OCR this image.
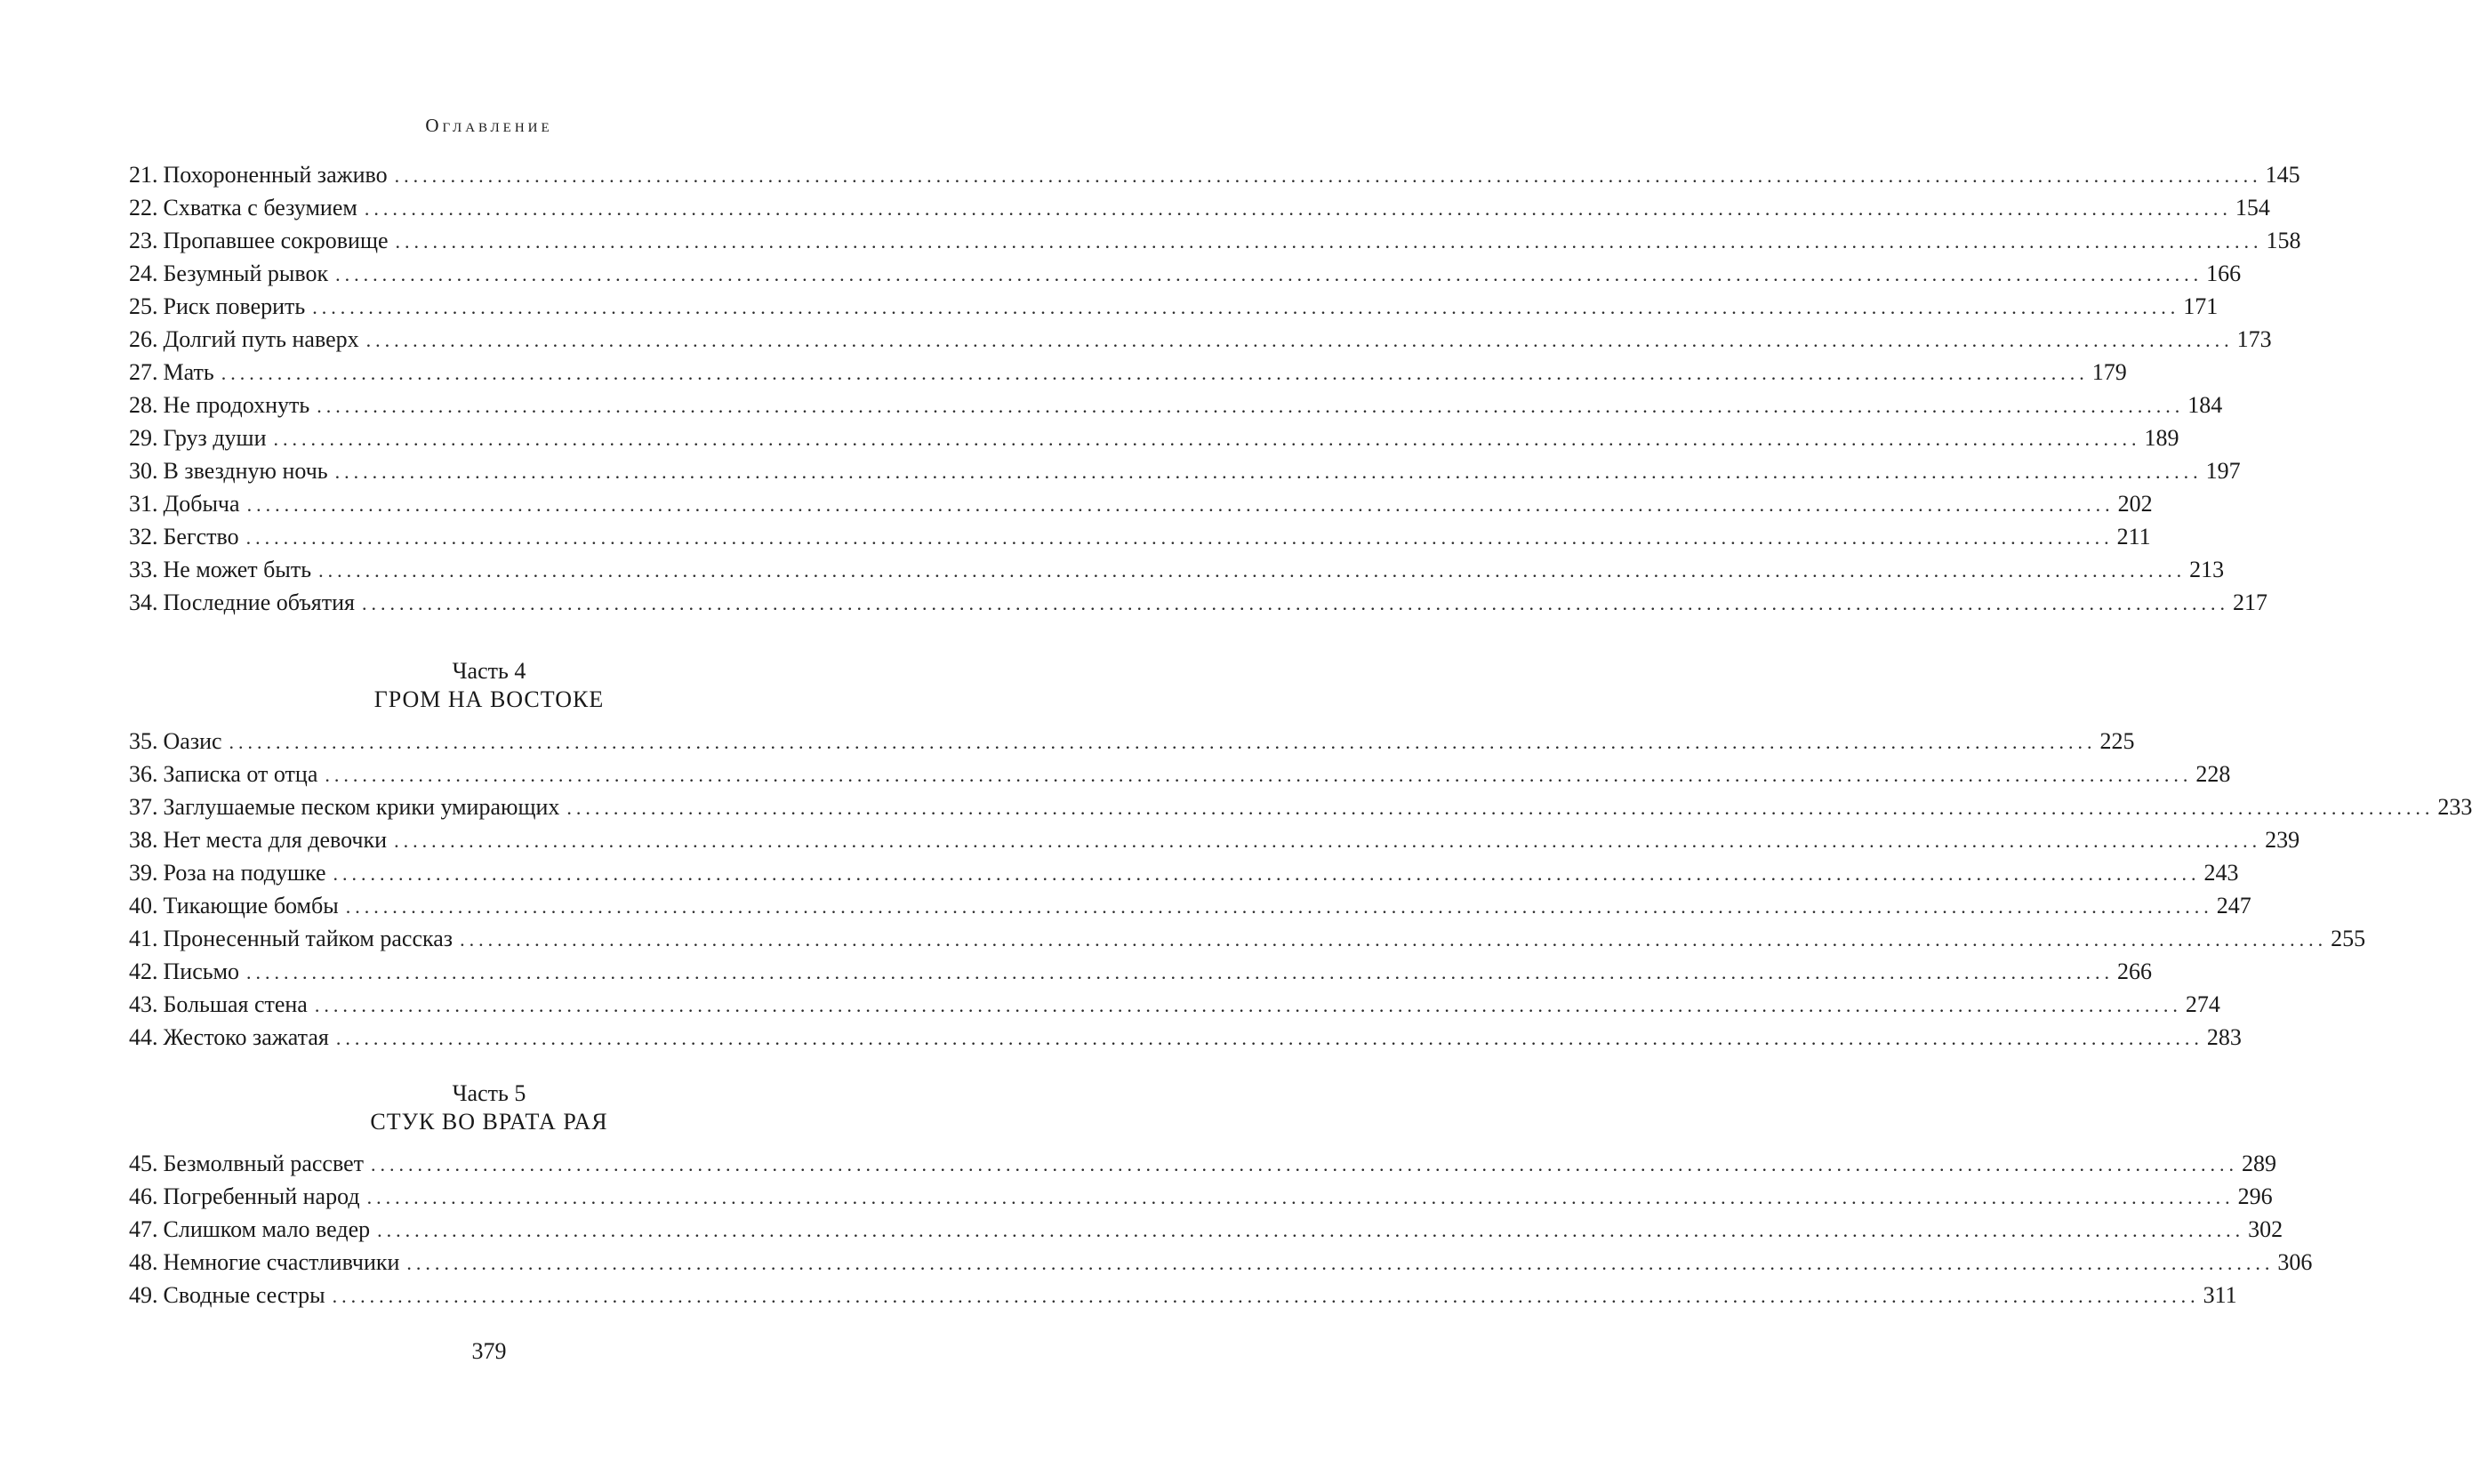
Оглавление
21. Похороненный заживо ........................................................................................................................................................................................................ 145
22. Схватка с безумием ........................................................................................................................................................................................................ 154
23. Пропавшее сокровище ........................................................................................................................................................................................................ 158
24. Безумный рывок ........................................................................................................................................................................................................ 166
25. Риск поверить ........................................................................................................................................................................................................ 171
26. Долгий путь наверх ........................................................................................................................................................................................................ 173
27. Мать ........................................................................................................................................................................................................ 179
28. Не продохнуть ........................................................................................................................................................................................................ 184
29. Груз души ........................................................................................................................................................................................................ 189
30. В звездную ночь ........................................................................................................................................................................................................ 197
31. Добыча ........................................................................................................................................................................................................ 202
32. Бегство ........................................................................................................................................................................................................ 211
33. Не может быть ........................................................................................................................................................................................................ 213
34. Последние объятия ........................................................................................................................................................................................................ 217
Часть 4
ГРОМ НА ВОСТОКЕ
35. Оазис ........................................................................................................................................................................................................ 225
36. Записка от отца ........................................................................................................................................................................................................ 228
37. Заглушаемые песком крики умирающих ........................................................................................................................................................................................................ 233
38. Нет места для девочки ........................................................................................................................................................................................................ 239
39. Роза на подушке ........................................................................................................................................................................................................ 243
40. Тикающие бомбы ........................................................................................................................................................................................................ 247
41. Пронесенный тайком рассказ ........................................................................................................................................................................................................ 255
42. Письмо ........................................................................................................................................................................................................ 266
43. Большая стена ........................................................................................................................................................................................................ 274
44. Жестоко зажатая ........................................................................................................................................................................................................ 283
Часть 5
СТУК ВО ВРАТА РАЯ
45. Безмолвный рассвет ........................................................................................................................................................................................................ 289
46. Погребенный народ ........................................................................................................................................................................................................ 296
47. Слишком мало ведер ........................................................................................................................................................................................................ 302
48. Немногие счастливчики ........................................................................................................................................................................................................ 306
49. Сводные сестры ........................................................................................................................................................................................................ 311
379
